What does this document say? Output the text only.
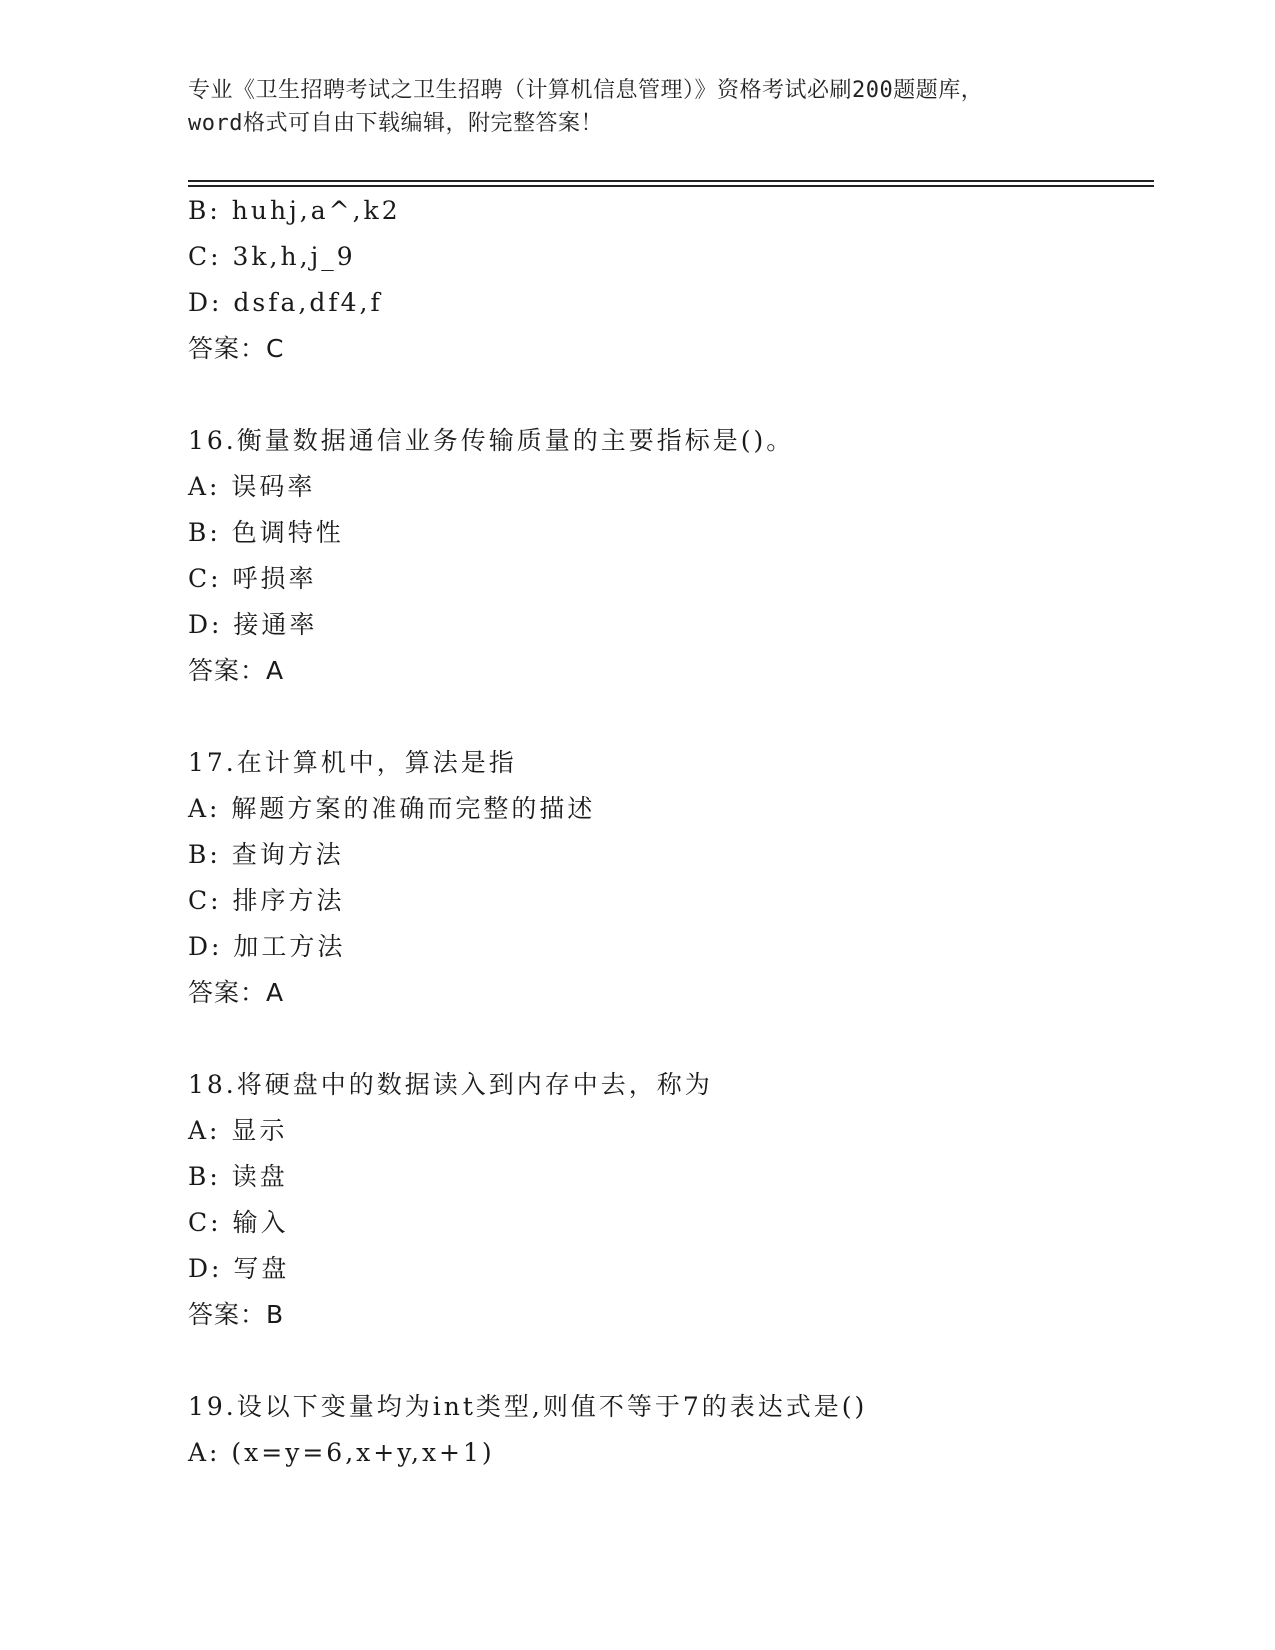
专业《卫生招聘考试之卫生招聘（计算机信息管理）》资格考试必刷200题题库，
word格式可自由下载编辑，附完整答案！
B: huhj,a^,k2
C: 3k,h,j_9
D: dsfa,df4,f
答案：C
16.衡量数据通信业务传输质量的主要指标是()。
A: 误码率
B: 色调特性
C: 呼损率
D: 接通率
答案：A
17.在计算机中，算法是指
A: 解题方案的准确而完整的描述
B: 查询方法
C: 排序方法
D: 加工方法
答案：A
18.将硬盘中的数据读入到内存中去，称为
A: 显示
B: 读盘
C: 输入
D: 写盘
答案：B
19.设以下变量均为int类型,则值不等于7的表达式是()
A: (x=y=6,x+y,x+1)
